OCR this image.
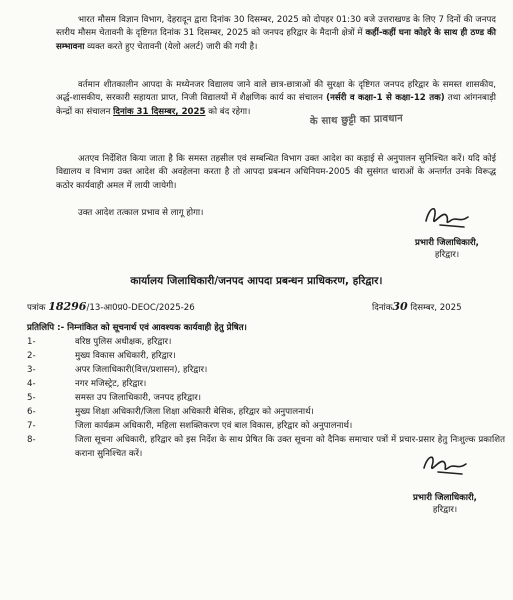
भारत मौसम विज्ञान विभाग, देहरादून द्वारा दिनांक 30 दिसम्बर, 2025 को दोपहर 01:30 बजे उत्तराखण्ड के लिए 7 दिनों की जनपद स्तरीय मौसम चेतावनी के दृष्टिगत दिनांक 31 दिसम्बर, 2025 को जनपद हरिद्वार के मैदानी क्षेत्रों में कहीं-कहीं घना कोहरे के साथ ही ठण्ड की सम्भावना व्यक्त करते हुए चेतावनी (येलो अलर्ट) जारी की गयी है।

वर्तमान शीतकालीन आपदा के मध्येनजर विद्यालय जाने वाले छात्र-छात्राओं की सुरक्षा के दृष्टिगत जनपद हरिद्वार के समस्त शासकीय, अर्द्ध-शासकीय, सरकारी सहायता प्राप्त, निजी विद्यालयों में शैक्षणिक कार्य का संचालन (नर्सरी व कक्षा-1 से कक्षा-12 तक) तथा आंगनबाड़ी केन्द्रों का संचालन दिनांक 31 दिसम्बर, 2025 को बंद रहेगा।

के साथ छुट्टी का प्रावधान

अतएव निर्देशित किया जाता है कि समस्त तहसील एवं सम्बन्धित विभाग उक्त आदेश का कड़ाई से अनुपालन सुनिश्चित करें। यदि कोई विद्यालय व विभाग उक्त आदेश की अवहेलना करता है तो आपदा प्रबन्धन अधिनियम-2005 की सुसंगत धाराओं के अन्तर्गत उनके विरूद्ध कठोर कार्यवाही अमल में लायी जायेगी।

उक्त आदेश तत्काल प्रभाव से लागू होगा।

प्रभारी जिलाधिकारी,
हरिद्वार।
कार्यालय जिलाधिकारी/जनपद आपदा प्रबन्धन प्राधिकरण, हरिद्वार।
पत्रांक 18296/13-आ0प्र0-DEOC/2025-26	दिनांक30 दिसम्बर, 2025
प्रतिलिपि :- निम्नांकित को सूचनार्थ एवं आवश्यक कार्यवाही हेतु प्रेषित।
1-	वरिष्ठ पुलिस अधीक्षक, हरिद्वार।
2-	मुख्य विकास अधिकारी, हरिद्वार।
3-	अपर जिलाधिकारी(वित्त/प्रशासन), हरिद्वार।
4-	नगर मजिस्ट्रेट, हरिद्वार।
5-	समस्त उप जिलाधिकारी, जनपद हरिद्वार।
6-	मुख्य शिक्षा अधिकारी/जिला शिक्षा अधिकारी बेसिक, हरिद्वार को अनुपालनार्थ।
7-	जिला कार्यक्रम अधिकारी, महिला सशक्तिकरण एवं बाल विकास, हरिद्वार को अनुपालनार्थ।
8-	जिला सूचना अधिकारी, हरिद्वार को इस निर्देश के साथ प्रेषित कि उक्त सूचना को दैनिक समाचार पत्रों में प्रचार-प्रसार हेतु निःशुल्क प्रकाशित कराना सुनिश्चित करें।
प्रभारी जिलाधिकारी,
हरिद्वार।
